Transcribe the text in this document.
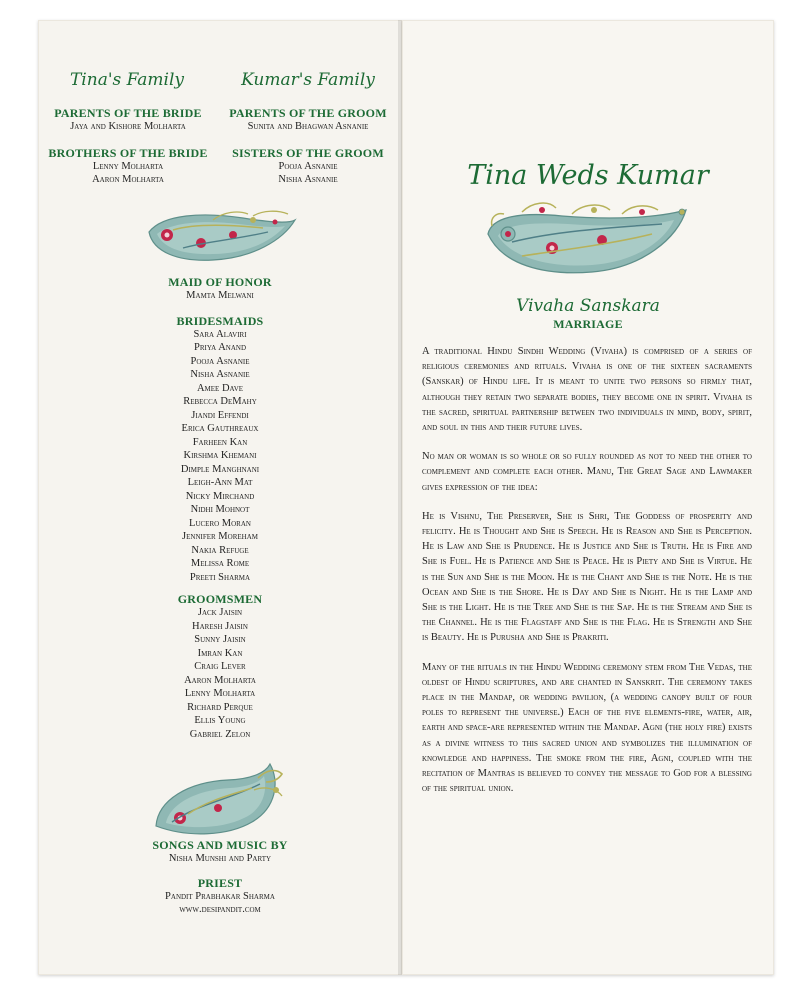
Tina's Family
PARENTS OF THE BRIDE
Jaya and Kishore Molharta
BROTHERS OF THE BRIDE
Lenny Molharta
Aaron Molharta
Kumar's Family
PARENTS OF THE GROOM
Sunita and Bhagwan Asnanie
SISTERS OF THE GROOM
Pooja Asnanie
Nisha Asnanie
MAID OF HONOR
Mamta Melwani
BRIDESMAIDS
Sara Alaviri
Priya Anand
Pooja Asnanie
Nisha Asnanie
Amee Dave
Rebecca DeMahy
Jiandi Effendi
Erica Gauthreaux
Farheen Kan
Kirshma Khemani
Dimple Manghnani
Leigh-Ann Mat
Nicky Mirchand
Nidhi Mohnot
Lucero Moran
Jennifer Moreham
Nakia Refuge
Melissa Rome
Preeti Sharma
GROOMSMEN
Jack Jaisin
Haresh Jaisin
Sunny Jaisin
Imran Kan
Craig Lever
Aaron Molharta
Lenny Molharta
Richard Perque
Ellis Young
Gabriel Zelon
SONGS AND MUSIC BY
Nisha Munshi and Party
PRIEST
Pandit Prabhakar Sharma
www.desipandit.com
Tina Weds Kumar
Vivaha Sanskara
MARRIAGE

A traditional Hindu Sindhi Wedding (Vivaha) is comprised of a series of religious ceremonies and rituals. Vivaha is one of the sixteen sacraments (Sanskar) of Hindu life. It is meant to unite two persons so firmly that, although they retain two separate bodies, they become one in spirit. Vivaha is the sacred, spiritual partnership between two individuals in mind, body, spirit, and soul in this and their future lives.

No man or woman is so whole or so fully rounded as not to need the other to complement and complete each other. Manu, The Great Sage and Lawmaker gives expression of the idea:

He is Vishnu, The Preserver, She is Shri, The Goddess of prosperity and felicity. He is Thought and She is Speech. He is Reason and She is Perception. He is Law and She is Prudence. He is Justice and She is Truth. He is Fire and She is Fuel. He is Patience and She is Peace. He is Piety and She is Virtue. He is the Sun and She is the Moon. He is the Chant and She is the Note. He is the Ocean and She is the Shore. He is Day and She is Night. He is the Lamp and She is the Light. He is the Tree and She is the Sap. He is the Stream and She is the Channel. He is the Flagstaff and She is the Flag. He is Strength and She is Beauty. He is Purusha and She is Prakriti.

Many of the rituals in the Hindu Wedding ceremony stem from The Vedas, the oldest of Hindu scriptures, and are chanted in Sanskrit. The ceremony takes place in the Mandap, or wedding pavilion, (a wedding canopy built of four poles to represent the universe.) Each of the five elements-fire, water, air, earth and space-are represented within the Mandap. Agni (the holy fire) exists as a divine witness to this sacred union and symbolizes the illumination of knowledge and happiness. The smoke from the fire, Agni, coupled with the recitation of Mantras is believed to convey the message to God for a blessing of the spiritual union.
